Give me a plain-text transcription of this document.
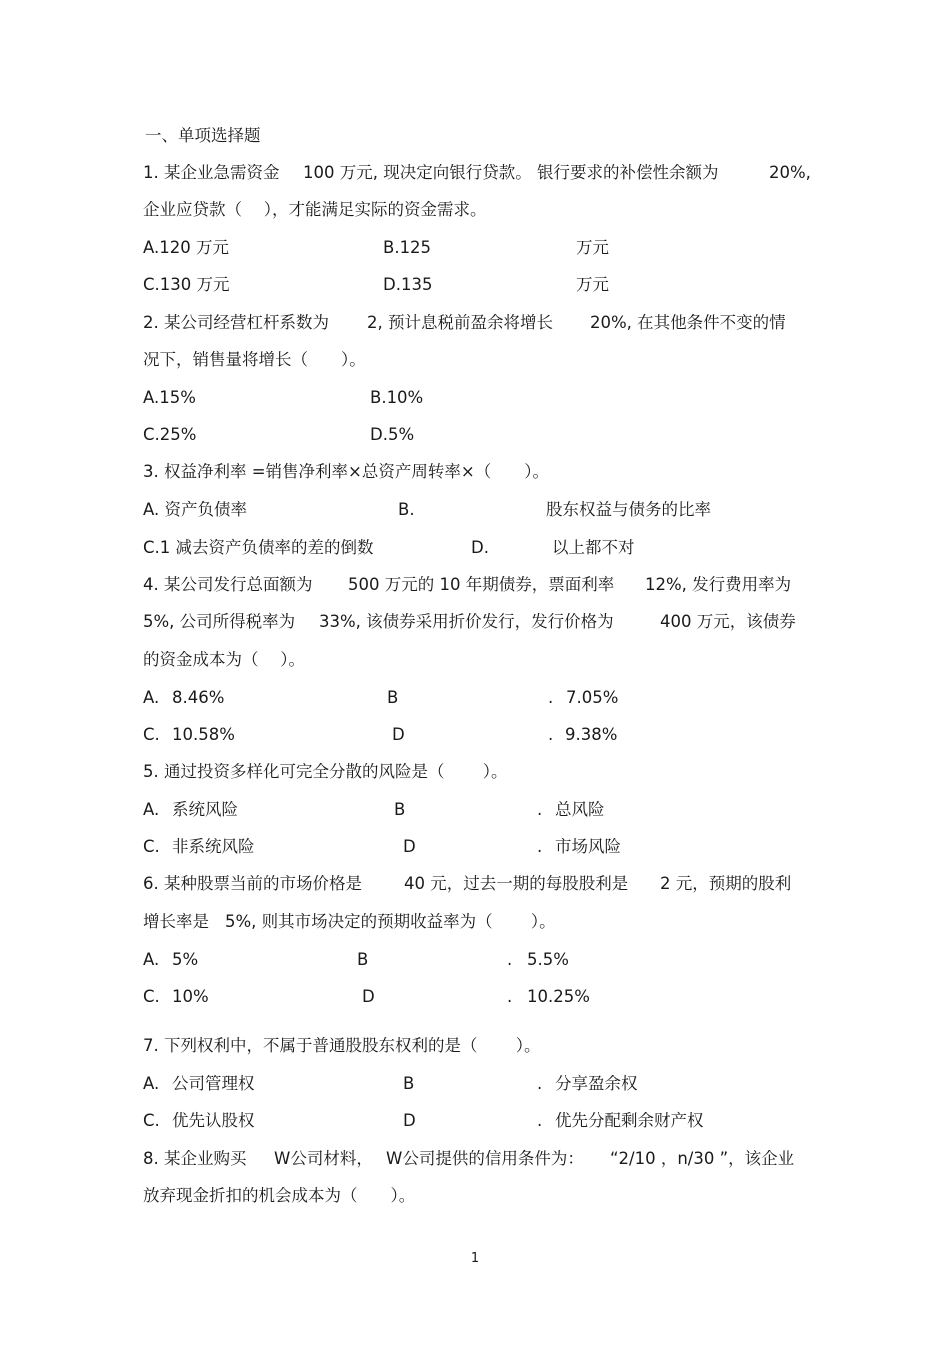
一、单项选择题
1. 某企业急需资金 100 万元, 现决定向银行贷款。 银行要求的补偿性余额为	20%,
企业应贷款（　 ），才能满足实际的资金需求。
A.120 万元	B.125	万元
C.130 万元	D.135	万元
2. 某公司经营杠杆系数为 2, 预计息税前盈余将增长 20%, 在其他条件不变的情
况下，销售量将增长（　　）。
A.15%	B.10%
C.25%	D.5%
3. 权益净利率 =销售净利率×总资产周转率×（　　）。
A. 资产负债率	B.	股东权益与债务的比率
C.1 减去资产负债率的差的倒数	D.	以上都不对
4. 某公司发行总面额为 500 万元的 10 年期债券，票面利率 12%, 发行费用率为
5%, 公司所得税率为 33%, 该债券采用折价发行，发行价格为	400 万元，该债券
的资金成本为（　 ）。
A. 8.46%	B	. 7.05%
C. 10.58%	D	. 9.38%
5. 通过投资多样化可完全分散的风险是（　　 ）。
A. 系统风险	B	. 总风险
C. 非系统风险	D	. 市场风险
6. 某种股票当前的市场价格是	40 元，过去一期的每股股利是 2 元，预期的股利
增长率是 5%, 则其市场决定的预期收益率为（　　 ）。
A. 5%	B	. 5.5%
C. 10%	D	. 10.25%
7. 下列权利中，不属于普通股股东权利的是（　　 ）。
A. 公司管理权	B	. 分享盈余权
C. 优先认股权	D	. 优先分配剩余财产权
8. 某企业购买 W公司材料， W公司提供的信用条件为： “2/10 ，n/30 ”，该企业
放弃现金折扣的机会成本为（　　）。
1
